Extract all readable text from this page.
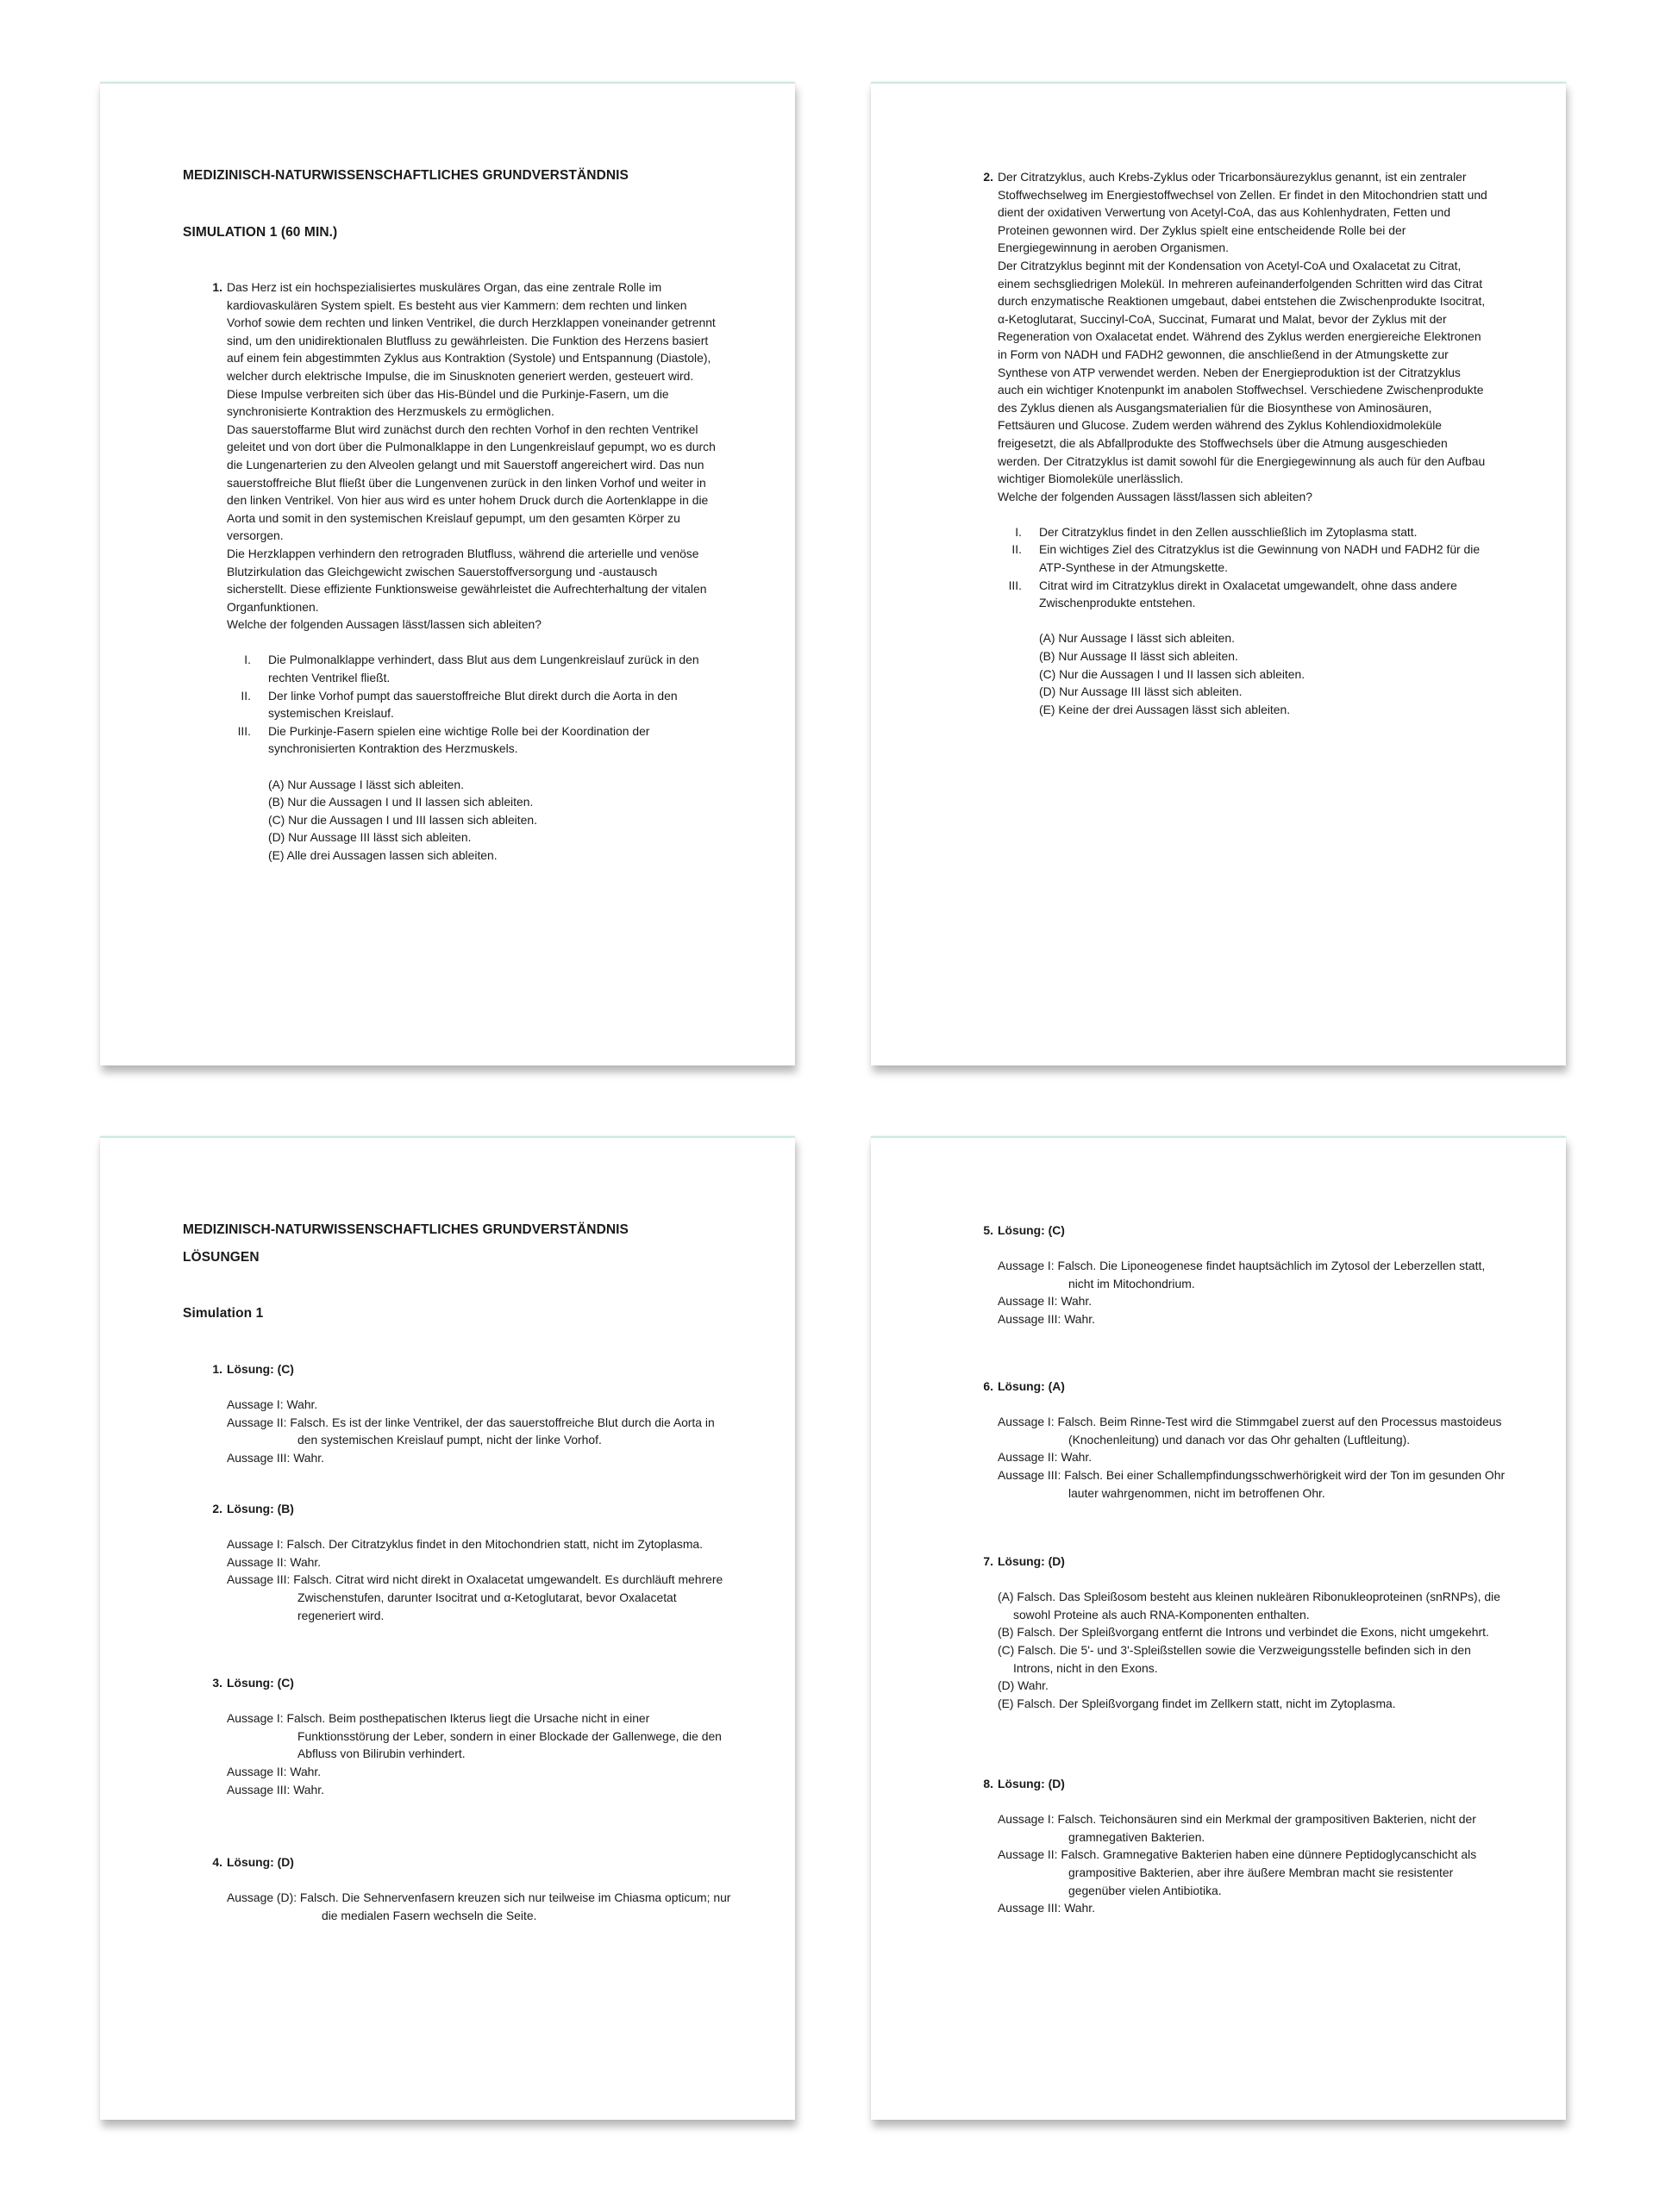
MEDIZINISCH-NATURWISSENSCHAFTLICHES GRUNDVERSTÄNDNIS
SIMULATION 1 (60 MIN.)
1. Das Herz ist ein hochspezialisiertes muskuläres Organ, das eine zentrale Rolle im kardiovaskulären System spielt. Es besteht aus vier Kammern: dem rechten und linken Vorhof sowie dem rechten und linken Ventrikel, die durch Herzklappen voneinander getrennt sind, um den unidirektionalen Blutfluss zu gewährleisten. Die Funktion des Herzens basiert auf einem fein abgestimmten Zyklus aus Kontraktion (Systole) und Entspannung (Diastole), welcher durch elektrische Impulse, die im Sinusknoten generiert werden, gesteuert wird. Diese Impulse verbreiten sich über das His-Bündel und die Purkinje-Fasern, um die synchronisierte Kontraktion des Herzmuskels zu ermöglichen.

Das sauerstoffarme Blut wird zunächst durch den rechten Vorhof in den rechten Ventrikel geleitet und von dort über die Pulmonalklappe in den Lungenkreislauf gepumpt, wo es durch die Lungenarterien zu den Alveolen gelangt und mit Sauerstoff angereichert wird. Das nun sauerstoffreiche Blut fließt über die Lungenvenen zurück in den linken Vorhof und weiter in den linken Ventrikel. Von hier aus wird es unter hohem Druck durch die Aortenklappe in die Aorta und somit in den systemischen Kreislauf gepumpt, um den gesamten Körper zu versorgen.

Die Herzklappen verhindern den retrograden Blutfluss, während die arterielle und venöse Blutzirkulation das Gleichgewicht zwischen Sauerstoffversorgung und -austausch sicherstellt. Diese effiziente Funktionsweise gewährleistet die Aufrechterhaltung der vitalen Organfunktionen.

Welche der folgenden Aussagen lässt/lassen sich ableiten?

I. Die Pulmonalklappe verhindert, dass Blut aus dem Lungenkreislauf zurück in den rechten Ventrikel fließt.
II. Der linke Vorhof pumpt das sauerstoffreiche Blut direkt durch die Aorta in den systemischen Kreislauf.
III. Die Purkinje-Fasern spielen eine wichtige Rolle bei der Koordination der synchronisierten Kontraktion des Herzmuskels.
(A) Nur Aussage I lässt sich ableiten.
(B) Nur die Aussagen I und II lassen sich ableiten.
(C) Nur die Aussagen I und III lassen sich ableiten.
(D) Nur Aussage III lässt sich ableiten.
(E) Alle drei Aussagen lassen sich ableiten.
2. Der Citratzyklus, auch Krebs-Zyklus oder Tricarbonsäurezyklus genannt, ist ein zentraler Stoffwechselweg im Energiestoffwechsel von Zellen. Er findet in den Mitochondrien statt und dient der oxidativen Verwertung von Acetyl-CoA, das aus Kohlenhydraten, Fetten und Proteinen gewonnen wird. Der Zyklus spielt eine entscheidende Rolle bei der Energiegewinnung in aeroben Organismen.

Der Citratzyklus beginnt mit der Kondensation von Acetyl-CoA und Oxalacetat zu Citrat, einem sechsgliedrigen Molekül. In mehreren aufeinanderfolgenden Schritten wird das Citrat durch enzymatische Reaktionen umgebaut, dabei entstehen die Zwischenprodukte Isocitrat, α-Ketoglutarat, Succinyl-CoA, Succinat, Fumarat und Malat, bevor der Zyklus mit der Regeneration von Oxalacetat endet. Während des Zyklus werden energiereiche Elektronen in Form von NADH und FADH2 gewonnen, die anschließend in der Atmungskette zur Synthese von ATP verwendet werden. Neben der Energieproduktion ist der Citratzyklus auch ein wichtiger Knotenpunkt im anabolen Stoffwechsel. Verschiedene Zwischenprodukte des Zyklus dienen als Ausgangsmaterialien für die Biosynthese von Aminosäuren, Fettsäuren und Glucose. Zudem werden während des Zyklus Kohlendioxidmoleküle freigesetzt, die als Abfallprodukte des Stoffwechsels über die Atmung ausgeschieden werden. Der Citratzyklus ist damit sowohl für die Energiegewinnung als auch für den Aufbau wichtiger Biomoleküle unerlässlich.

Welche der folgenden Aussagen lässt/lassen sich ableiten?

I. Der Citratzyklus findet in den Zellen ausschließlich im Zytoplasma statt.
II. Ein wichtiges Ziel des Citratzyklus ist die Gewinnung von NADH und FADH2 für die ATP-Synthese in der Atmungskette.
III. Citrat wird im Citratzyklus direkt in Oxalacetat umgewandelt, ohne dass andere Zwischenprodukte entstehen.
(A) Nur Aussage I lässt sich ableiten.
(B) Nur Aussage II lässt sich ableiten.
(C) Nur die Aussagen I und II lassen sich ableiten.
(D) Nur Aussage III lässt sich ableiten.
(E) Keine der drei Aussagen lässt sich ableiten.
MEDIZINISCH-NATURWISSENSCHAFTLICHES GRUNDVERSTÄNDNIS
LÖSUNGEN
Simulation 1
1. Lösung: (C)
Aussage I: Wahr.
Aussage II: Falsch. Es ist der linke Ventrikel, der das sauerstoffreiche Blut durch die Aorta in den systemischen Kreislauf pumpt, nicht der linke Vorhof.
Aussage III: Wahr.
2. Lösung: (B)
Aussage I: Falsch. Der Citratzyklus findet in den Mitochondrien statt, nicht im Zytoplasma.
Aussage II: Wahr.
Aussage III: Falsch. Citrat wird nicht direkt in Oxalacetat umgewandelt. Es durchläuft mehrere Zwischenstufen, darunter Isocitrat und α-Ketoglutarat, bevor Oxalacetat regeneriert wird.
3. Lösung: (C)
Aussage I: Falsch. Beim posthepatischen Ikterus liegt die Ursache nicht in einer Funktionsstörung der Leber, sondern in einer Blockade der Gallenwege, die den Abfluss von Bilirubin verhindert.
Aussage II: Wahr.
Aussage III: Wahr.
4. Lösung: (D)
Aussage (D): Falsch. Die Sehnervenfasern kreuzen sich nur teilweise im Chiasma opticum; nur die medialen Fasern wechseln die Seite.
5. Lösung: (C)
Aussage I: Falsch. Die Liponeogenese findet hauptsächlich im Zytosol der Leberzellen statt, nicht im Mitochondrium.
Aussage II: Wahr.
Aussage III: Wahr.
6. Lösung: (A)
Aussage I: Falsch. Beim Rinne-Test wird die Stimmgabel zuerst auf den Processus mastoideus (Knochenleitung) und danach vor das Ohr gehalten (Luftleitung).
Aussage II: Wahr.
Aussage III: Falsch. Bei einer Schallempfindungsschwerhörigkeit wird der Ton im gesunden Ohr lauter wahrgenommen, nicht im betroffenen Ohr.
7. Lösung: (D)
(A) Falsch. Das Spleißosom besteht aus kleinen nukleären Ribonukleoproteinen (snRNPs), die sowohl Proteine als auch RNA-Komponenten enthalten.
(B) Falsch. Der Spleißvorgang entfernt die Introns und verbindet die Exons, nicht umgekehrt.
(C) Falsch. Die 5'- und 3'-Spleißstellen sowie die Verzweigungsstelle befinden sich in den Introns, nicht in den Exons.
(D) Wahr.
(E) Falsch. Der Spleißvorgang findet im Zellkern statt, nicht im Zytoplasma.
8. Lösung: (D)
Aussage I: Falsch. Teichonsäuren sind ein Merkmal der grampositiven Bakterien, nicht der gramnegativen Bakterien.
Aussage II: Falsch. Gramnegative Bakterien haben eine dünnere Peptidoglycanschicht als grampositive Bakterien, aber ihre äußere Membran macht sie resistenter gegenüber vielen Antibiotika.
Aussage III: Wahr.
